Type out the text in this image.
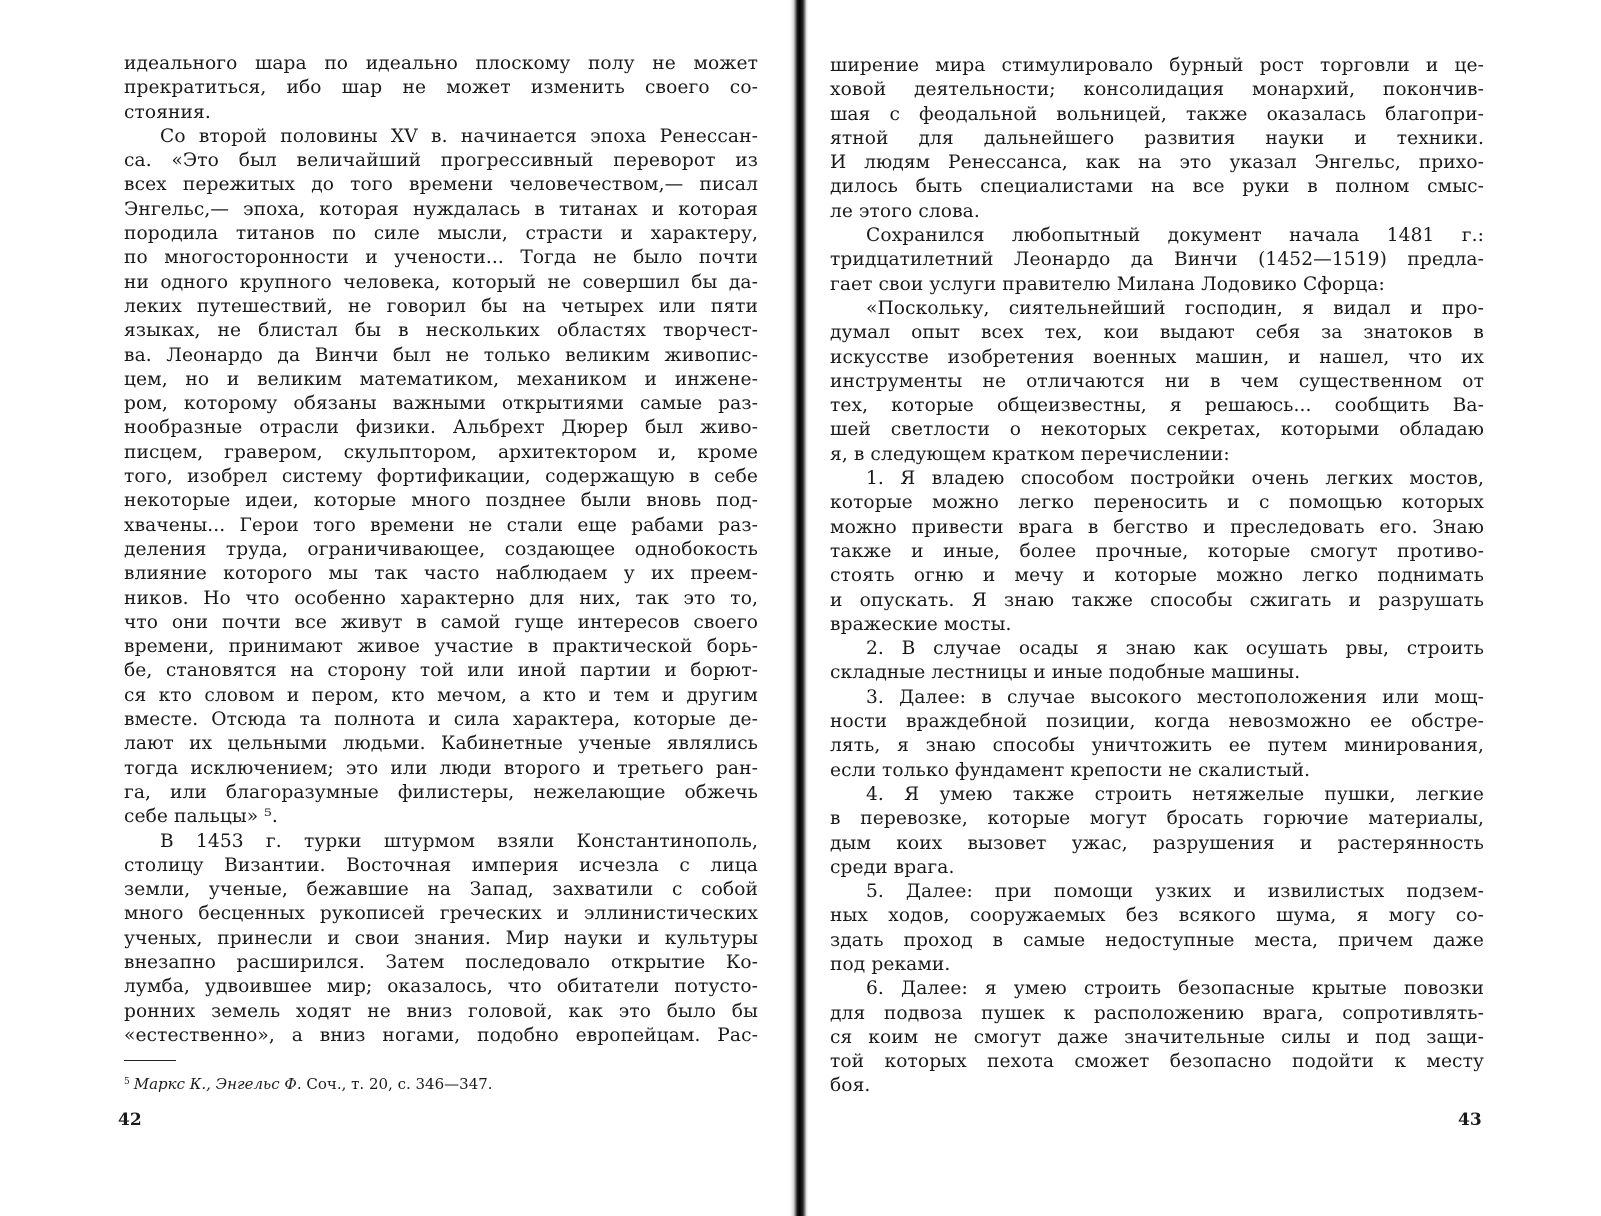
идеального шара по идеально плоскому полу не может
прекратиться, ибо шар не может изменить своего со-
стояния.
Со второй половины XV в. начинается эпоха Ренессан-
са. «Это был величайший прогрессивный переворот из
всех пережитых до того времени человечеством,— писал
Энгельс,— эпоха, которая нуждалась в титанах и которая
породила титанов по силе мысли, страсти и характеру,
по многосторонности и учености... Тогда не было почти
ни одного крупного человека, который не совершил бы да-
леких путешествий, не говорил бы на четырех или пяти
языках, не блистал бы в нескольких областях творчест-
ва. Леонардо да Винчи был не только великим живопис-
цем, но и великим математиком, механиком и инжене-
ром, которому обязаны важными открытиями самые раз-
нообразные отрасли физики. Альбрехт Дюрер был живо-
писцем, гравером, скульптором, архитектором и, кроме
того, изобрел систему фортификации, содержащую в себе
некоторые идеи, которые много позднее были вновь под-
хвачены... Герои того времени не стали еще рабами раз-
деления труда, ограничивающее, создающее однобокость
влияние которого мы так часто наблюдаем у их преем-
ников. Но что особенно характерно для них, так это то,
что они почти все живут в самой гуще интересов своего
времени, принимают живое участие в практической борь-
бе, становятся на сторону той или иной партии и борют-
ся кто словом и пером, кто мечом, а кто и тем и другим
вместе. Отсюда та полнота и сила характера, которые де-
лают их цельными людьми. Кабинетные ученые являлись
тогда исключением; это или люди второго и третьего ран-
га, или благоразумные филистеры, нежелающие обжечь
себе пальцы» ⁵.
В 1453 г. турки штурмом взяли Константинополь,
столицу Византии. Восточная империя исчезла с лица
земли, ученые, бежавшие на Запад, захватили с собой
много бесценных рукописей греческих и эллинистических
ученых, принесли и свои знания. Мир науки и культуры
внезапно расширился. Затем последовало открытие Ко-
лумба, удвоившее мир; оказалось, что обитатели потусто-
ронних земель ходят не вниз головой, как это было бы
«естественно», а вниз ногами, подобно европейцам. Рас-
$^5$ Маркс К., Энгельс Ф. Соч., т. 20, с. 346—347.
42
ширение мира стимулировало бурный рост торговли и це-
ховой деятельности; консолидация монархий, покончив-
шая с феодальной вольницей, также оказалась благопри-
ятной для дальнейшего развития науки и техники.
И людям Ренессанса, как на это указал Энгельс, прихо-
дилось быть специалистами на все руки в полном смыс-
ле этого слова.
Сохранился любопытный документ начала 1481 г.:
тридцатилетний Леонардо да Винчи (1452—1519) предла-
гает свои услуги правителю Милана Лодовико Сфорца:
«Поскольку, сиятельнейший господин, я видал и про-
думал опыт всех тех, кои выдают себя за знатоков в
искусстве изобретения военных машин, и нашел, что их
инструменты не отличаются ни в чем существенном от
тех, которые общеизвестны, я решаюсь... сообщить Ва-
шей светлости о некоторых секретах, которыми обладаю
я, в следующем кратком перечислении:
1. Я владею способом постройки очень легких мостов,
которые можно легко переносить и с помощью которых
можно привести врага в бегство и преследовать его. Знаю
также и иные, более прочные, которые смогут противо-
стоять огню и мечу и которые можно легко поднимать
и опускать. Я знаю также способы сжигать и разрушать
вражеские мосты.
2. В случае осады я знаю как осушать рвы, строить
складные лестницы и иные подобные машины.
3. Далее: в случае высокого местоположения или мощ-
ности враждебной позиции, когда невозможно ее обстре-
лять, я знаю способы уничтожить ее путем минирования,
если только фундамент крепости не скалистый.
4. Я умею также строить нетяжелые пушки, легкие
в перевозке, которые могут бросать горючие материалы,
дым коих вызовет ужас, разрушения и растерянность
среди врага.
5. Далее: при помощи узких и извилистых подзем-
ных ходов, сооружаемых без всякого шума, я могу со-
здать проход в самые недоступные места, причем даже
под реками.
6. Далее: я умею строить безопасные крытые повозки
для подвоза пушек к расположению врага, сопротивлять-
ся коим не смогут даже значительные силы и под защи-
той которых пехота сможет безопасно подойти к месту
боя.
43
